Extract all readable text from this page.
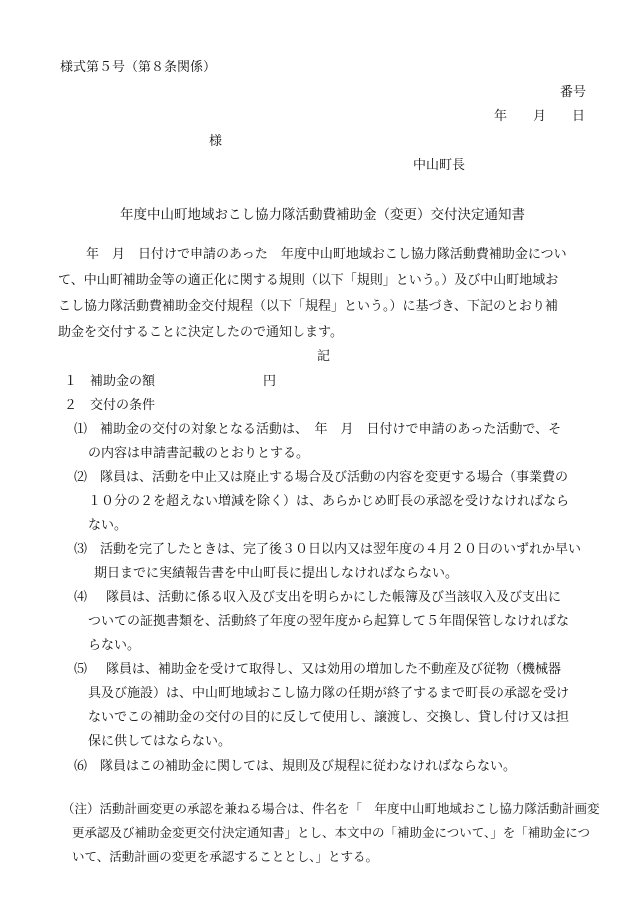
様式第５号（第８条関係）
番号
年　　月　　日
様
中山町長
年度中山町地域おこし協力隊活動費補助金（変更）交付決定通知書
年　月　日付けで申請のあった　年度中山町地域おこし協力隊活動費補助金につい
て、中山町補助金等の適正化に関する規則（以下「規則」という。）及び中山町地域お
こし協力隊活動費補助金交付規程（以下「規程」という。）に基づき、下記のとおり補
助金を交付することに決定したので通知します。
記
１　補助金の額	円
２　交付の条件
⑴ 補助金の交付の対象となる活動は、　年　月　日付けで申請のあった活動で、そ
の内容は申請書記載のとおりとする。
⑵ 隊員は、活動を中止又は廃止する場合及び活動の内容を変更する場合（事業費の
１０分の２を超えない増減を除く）は、あらかじめ町長の承認を受けなければなら
ない。
⑶ 活動を完了したときは、完了後３０日以内又は翌年度の４月２０日のいずれか早い
期日までに実績報告書を中山町長に提出しなければならない。
⑷ 隊員は、活動に係る収入及び支出を明らかにした帳簿及び当該収入及び支出に
ついての証拠書類を、活動終了年度の翌年度から起算して５年間保管しなければな
らない。
⑸ 隊員は、補助金を受けて取得し、又は効用の増加した不動産及び従物（機械器
具及び施設）は、中山町地域おこし協力隊の任期が終了するまで町長の承認を受け
ないでこの補助金の交付の目的に反して使用し、譲渡し、交換し、貸し付け又は担
保に供してはならない。
⑹ 隊員はこの補助金に関しては、規則及び規程に従わなければならない。
（注）活動計画変更の承認を兼ねる場合は、件名を「　年度中山町地域おこし協力隊活動計画変
更承認及び補助金変更交付決定通知書」とし、本文中の「補助金について、」を「補助金につ
いて、活動計画の変更を承認することとし、」とする。
